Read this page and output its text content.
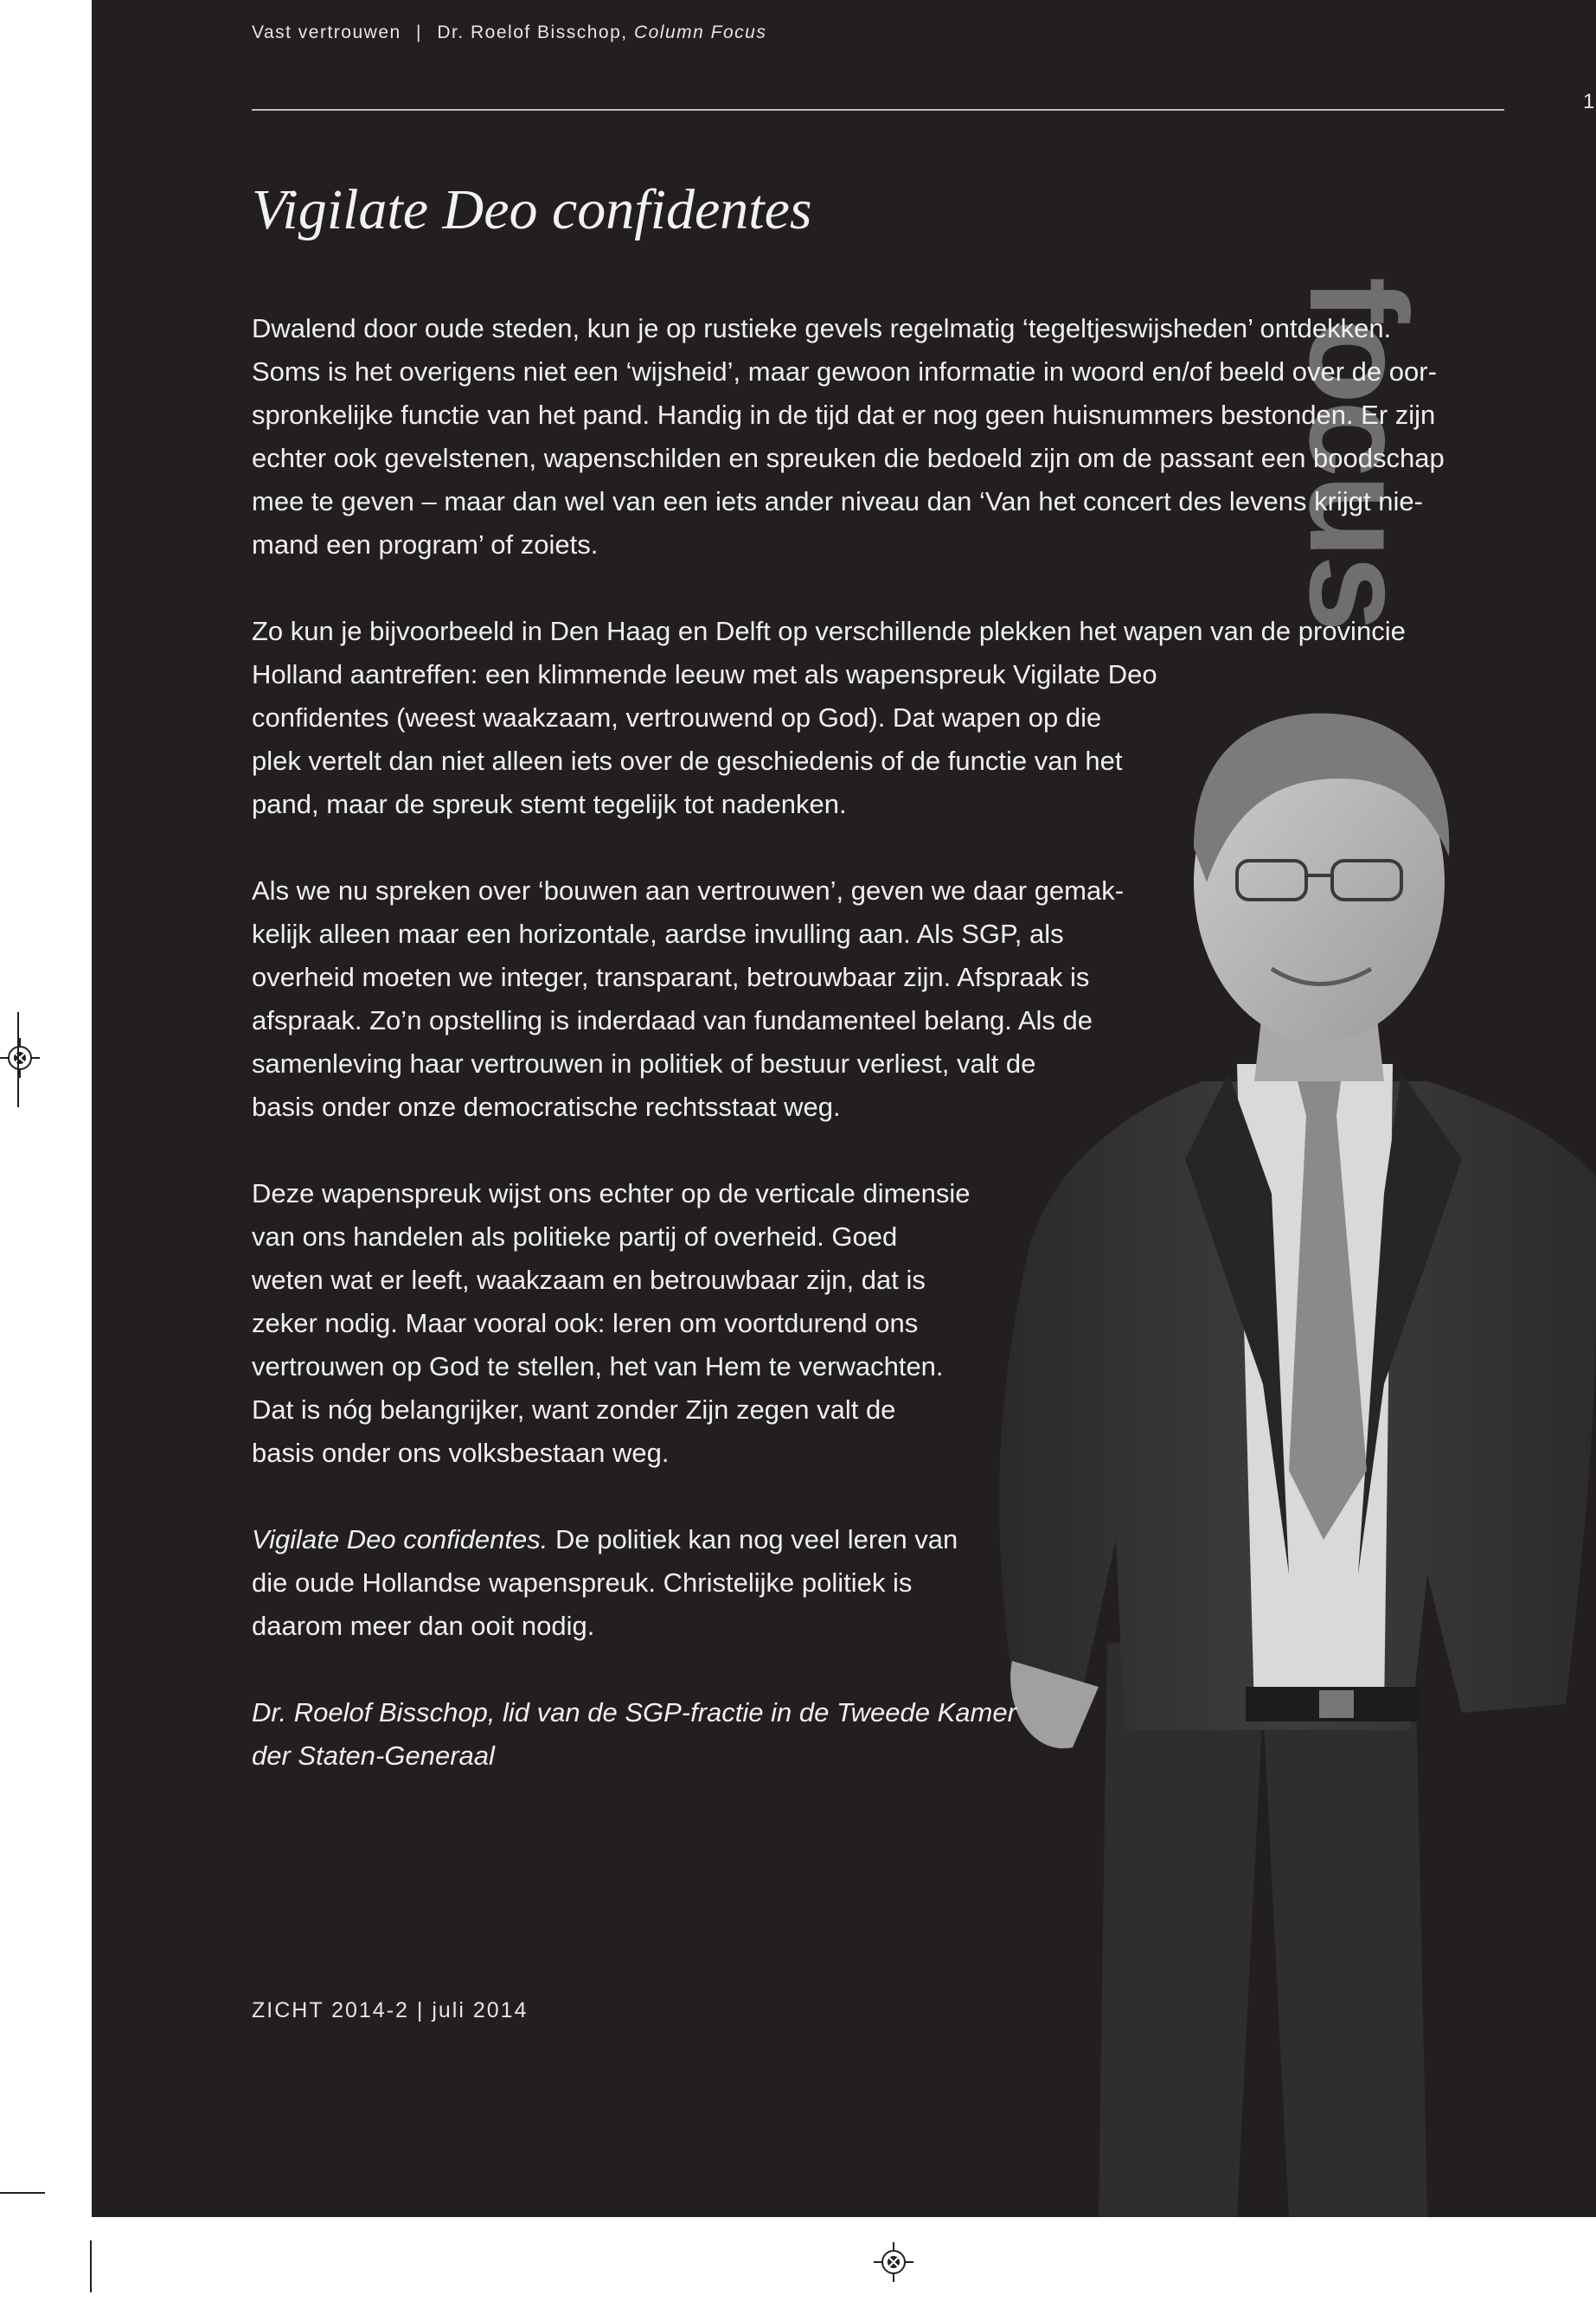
Vast vertrouwen | Dr. Roelof Bisschop, Column Focus
1
focus
Vigilate Deo confidentes

Dwalend door oude steden, kun je op rustieke gevels regelmatig ‘tegeltjeswijsheden’ ontdekken.
Soms is het overigens niet een ‘wijsheid’, maar gewoon informatie in woord en/of beeld over de oor-
spronkelijke functie van het pand. Handig in de tijd dat er nog geen huisnummers bestonden. Er zijn
echter ook gevelstenen, wapenschilden en spreuken die bedoeld zijn om de passant een boodschap
mee te geven – maar dan wel van een iets ander niveau dan ‘Van het concert des levens krijgt nie-
mand een program’ of zoiets.

Zo kun je bijvoorbeeld in Den Haag en Delft op verschillende plekken het wapen van de provincie
Holland aantreffen: een klimmende leeuw met als wapenspreuk Vigilate Deo
confidentes (weest waakzaam, vertrouwend op God). Dat wapen op die
plek vertelt dan niet alleen iets over de geschiedenis of de functie van het
pand, maar de spreuk stemt tegelijk tot nadenken.

Als we nu spreken over ‘bouwen aan vertrouwen’, geven we daar gemak-
kelijk alleen maar een horizontale, aardse invulling aan. Als SGP, als
overheid moeten we integer, transparant, betrouwbaar zijn. Afspraak is
afspraak. Zo’n opstelling is inderdaad van fundamenteel belang. Als de
samenleving haar vertrouwen in politiek of bestuur verliest, valt de
basis onder onze democratische rechtsstaat weg.

Deze wapenspreuk wijst ons echter op de verticale dimensie
van ons handelen als politieke partij of overheid. Goed
weten wat er leeft, waakzaam en betrouwbaar zijn, dat is
zeker nodig. Maar vooral ook: leren om voortdurend ons
vertrouwen op God te stellen, het van Hem te verwachten.
Dat is nóg belangrijker, want zonder Zijn zegen valt de
basis onder ons volksbestaan weg.

Vigilate Deo confidentes. De politiek kan nog veel leren van
die oude Hollandse wapenspreuk. Christelijke politiek is
daarom meer dan ooit nodig.

Dr. Roelof Bisschop, lid van de SGP-fractie in de Tweede Kamer
der Staten-Generaal

ZICHT 2014-2 | juli 2014
